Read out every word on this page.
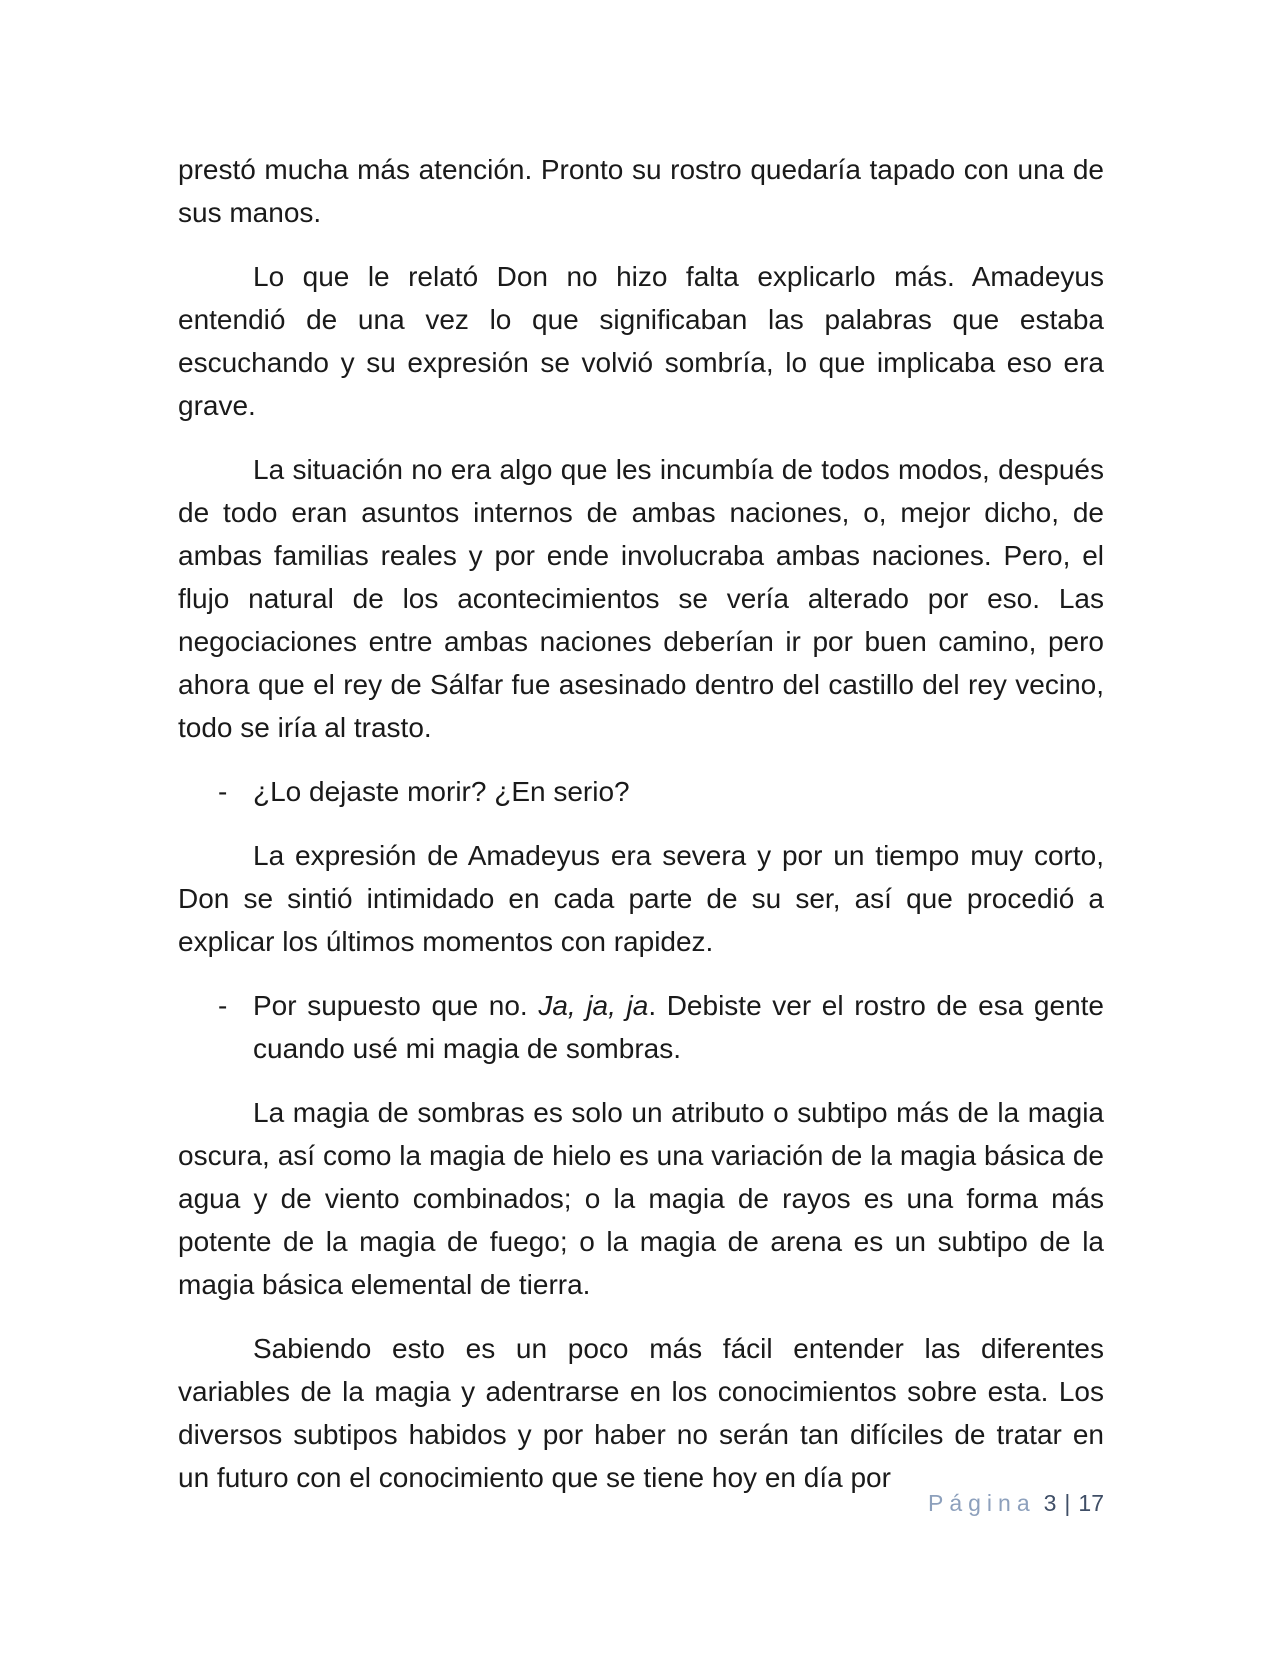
prestó mucha más atención. Pronto su rostro quedaría tapado con una de sus manos.

Lo que le relató Don no hizo falta explicarlo más. Amadeyus entendió de una vez lo que significaban las palabras que estaba escuchando y su expresión se volvió sombría, lo que implicaba eso era grave.

La situación no era algo que les incumbía de todos modos, después de todo eran asuntos internos de ambas naciones, o, mejor dicho, de ambas familias reales y por ende involucraba ambas naciones. Pero, el flujo natural de los acontecimientos se vería alterado por eso. Las negociaciones entre ambas naciones deberían ir por buen camino, pero ahora que el rey de Sálfar fue asesinado dentro del castillo del rey vecino, todo se iría al trasto.

- ¿Lo dejaste morir? ¿En serio?

La expresión de Amadeyus era severa y por un tiempo muy corto, Don se sintió intimidado en cada parte de su ser, así que procedió a explicar los últimos momentos con rapidez.

- Por supuesto que no. Ja, ja, ja. Debiste ver el rostro de esa gente cuando usé mi magia de sombras.

La magia de sombras es solo un atributo o subtipo más de la magia oscura, así como la magia de hielo es una variación de la magia básica de agua y de viento combinados; o la magia de rayos es una forma más potente de la magia de fuego; o la magia de arena es un subtipo de la magia básica elemental de tierra.

Sabiendo esto es un poco más fácil entender las diferentes variables de la magia y adentrarse en los conocimientos sobre esta. Los diversos subtipos habidos y por haber no serán tan difíciles de tratar en un futuro con el conocimiento que se tiene hoy en día por

Página 3 | 17
